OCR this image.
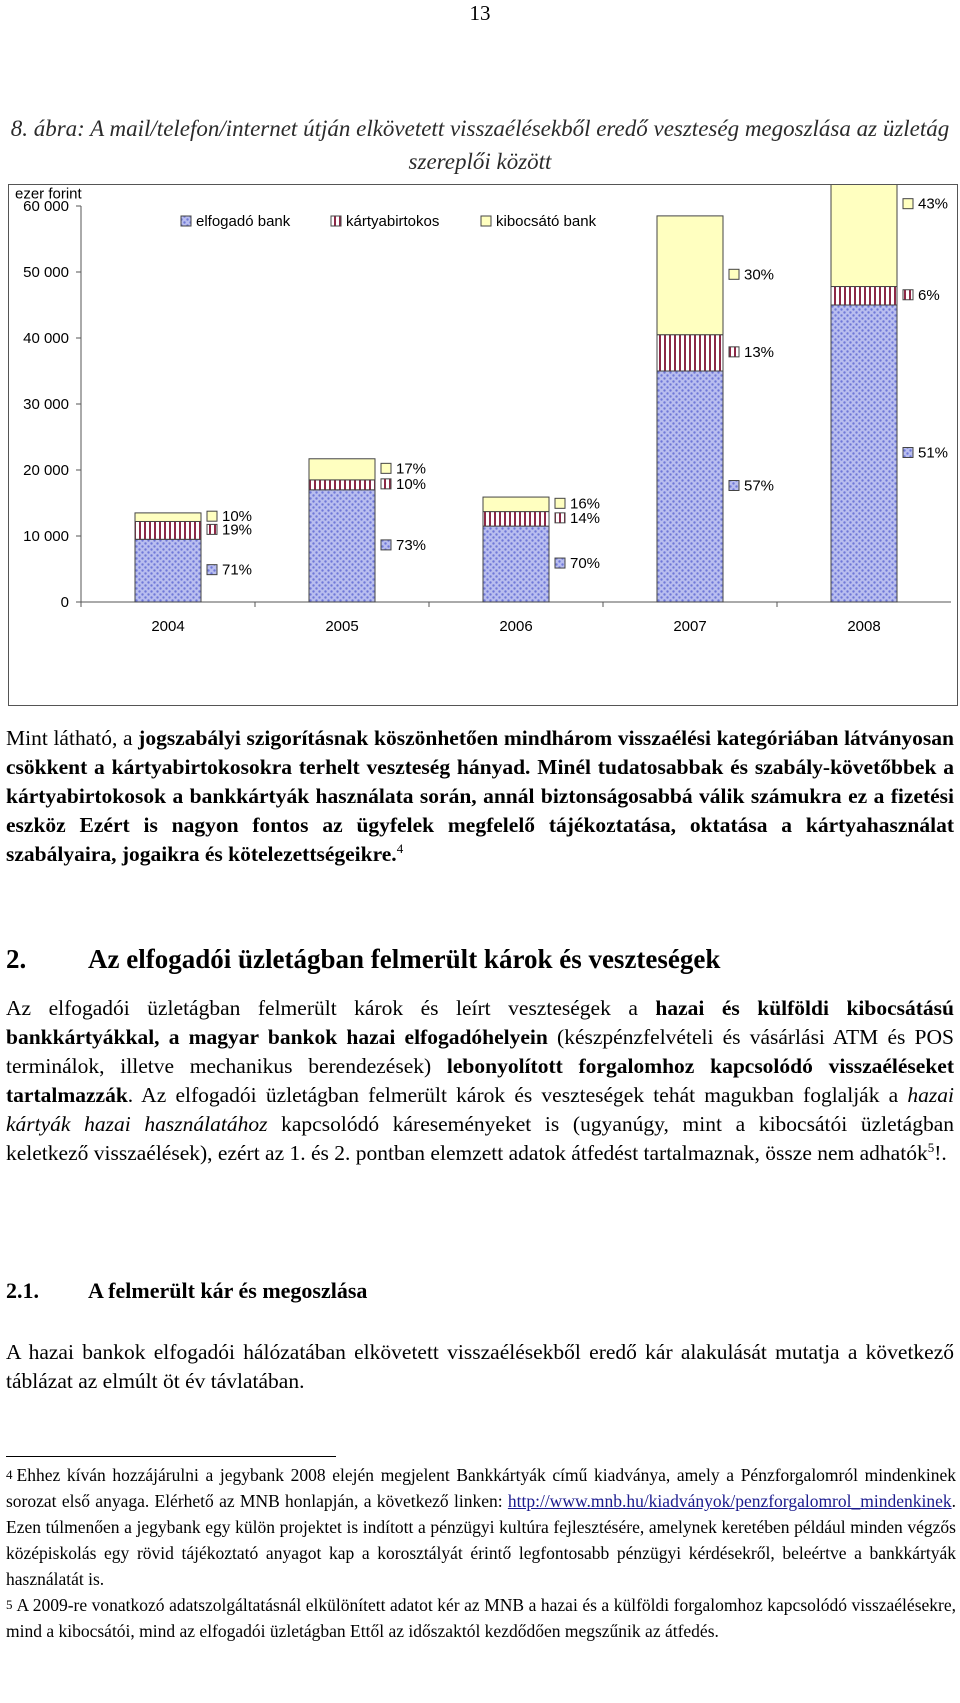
13
8. ábra: A mail/telefon/internet útján elkövetett visszaélésekből eredő veszteség megoszlása az üzletág szereplői között
ezer forint
0
10 000
20 000
30 000
40 000
50 000
60 000
2004
71%
19%
10%
2005
73%
10%
17%
2006
70%
14%
16%
2007
57%
13%
30%
2008
51%
6%
43%
elfogadó bank	kártyabirtokos	kibocsátó bank

Mint látható, a jogszabályi szigorításnak köszönhetően mindhárom visszaélési kategóriában látványosan csökkent a kártyabirtokosokra terhelt veszteség hányad. Minél tudatosabbak és szabály-követőbbek a kártyabirtokosok a bankkártyák használata során, annál biztonságosabbá válik számukra ez a fizetési eszköz Ezért is nagyon fontos az ügyfelek megfelelő tájékoztatása, oktatása a kártyahasználat szabályaira, jogaikra és kötelezettségeikre.$^4$

2. Az elfogadói üzletágban felmerült károk és veszteségek

Az elfogadói üzletágban felmerült károk és leírt veszteségek a hazai és külföldi kibocsátású bankkártyákkal, a magyar bankok hazai elfogadóhelyein (készpénzfelvételi és vásárlási ATM és POS terminálok, illetve mechanikus berendezések) lebonyolított forgalomhoz kapcsolódó visszaéléseket tartalmazzák. Az elfogadói üzletágban felmerült károk és veszteségek tehát magukban foglalják a hazai kártyák hazai használatához kapcsolódó káreseményeket is (ugyanúgy, mint a kibocsátói üzletágban keletkező visszaélések), ezért az 1. és 2. pontban elemzett adatok átfedést tartalmaznak, össze nem adhatók$^5$!.

2.1. A felmerült kár és megoszlása

A hazai bankok elfogadói hálózatában elkövetett visszaélésekből eredő kár alakulását mutatja a következő táblázat az elmúlt öt év távlatában.

4 Ehhez kíván hozzájárulni a jegybank 2008 elején megjelent Bankkártyák című kiadványa, amely a Pénzforgalomról mindenkinek sorozat első anyaga. Elérhető az MNB honlapján, a következő linken: http://www.mnb.hu/kiadványok/penzforgalomrol_mindenkinek. Ezen túlmenően a jegybank egy külön projektet is indított a pénzügyi kultúra fejlesztésére, amelynek keretében például minden végzős középiskolás egy rövid tájékoztató anyagot kap a korosztályát érintő legfontosabb pénzügyi kérdésekről, beleértve a bankkártyák használatát is.

5 A 2009-re vonatkozó adatszolgáltatásnál elkülönített adatot kér az MNB a hazai és a külföldi forgalomhoz kapcsolódó visszaélésekre, mind a kibocsátói, mind az elfogadói üzletágban Ettől az időszaktól kezdődően megszűnik az átfedés.
